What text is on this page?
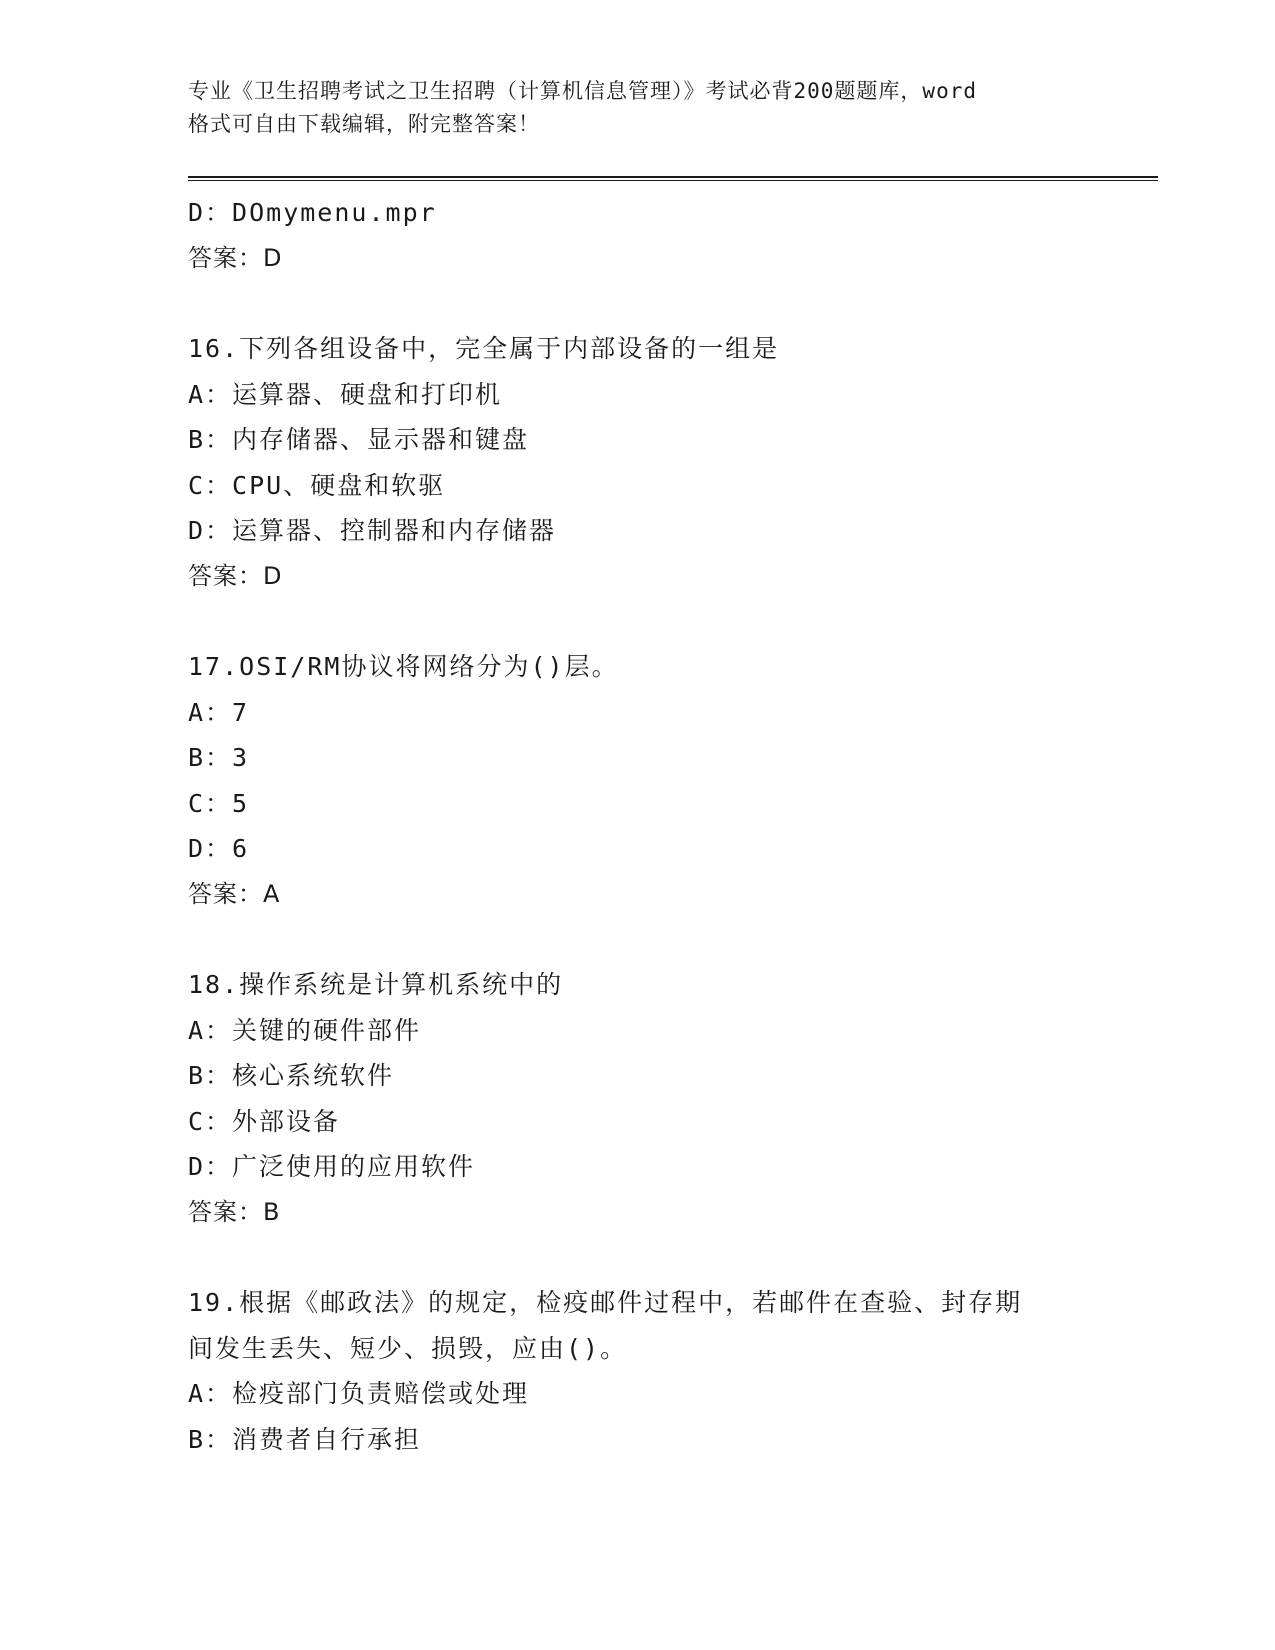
专业《卫生招聘考试之卫生招聘（计算机信息管理）》考试必背200题题库，word
格式可自由下载编辑，附完整答案！
D：DOmymenu.mpr
答案：D
16.下列各组设备中，完全属于内部设备的一组是
A：运算器、硬盘和打印机
B：内存储器、显示器和键盘
C：CPU、硬盘和软驱
D：运算器、控制器和内存储器
答案：D
17.OSI/RM协议将网络分为()层。
A：7
B：3
C：5
D：6
答案：A
18.操作系统是计算机系统中的
A：关键的硬件部件
B：核心系统软件
C：外部设备
D：广泛使用的应用软件
答案：B
19.根据《邮政法》的规定，检疫邮件过程中，若邮件在查验、封存期
间发生丢失、短少、损毁，应由()。
A：检疫部门负责赔偿或处理
B：消费者自行承担
